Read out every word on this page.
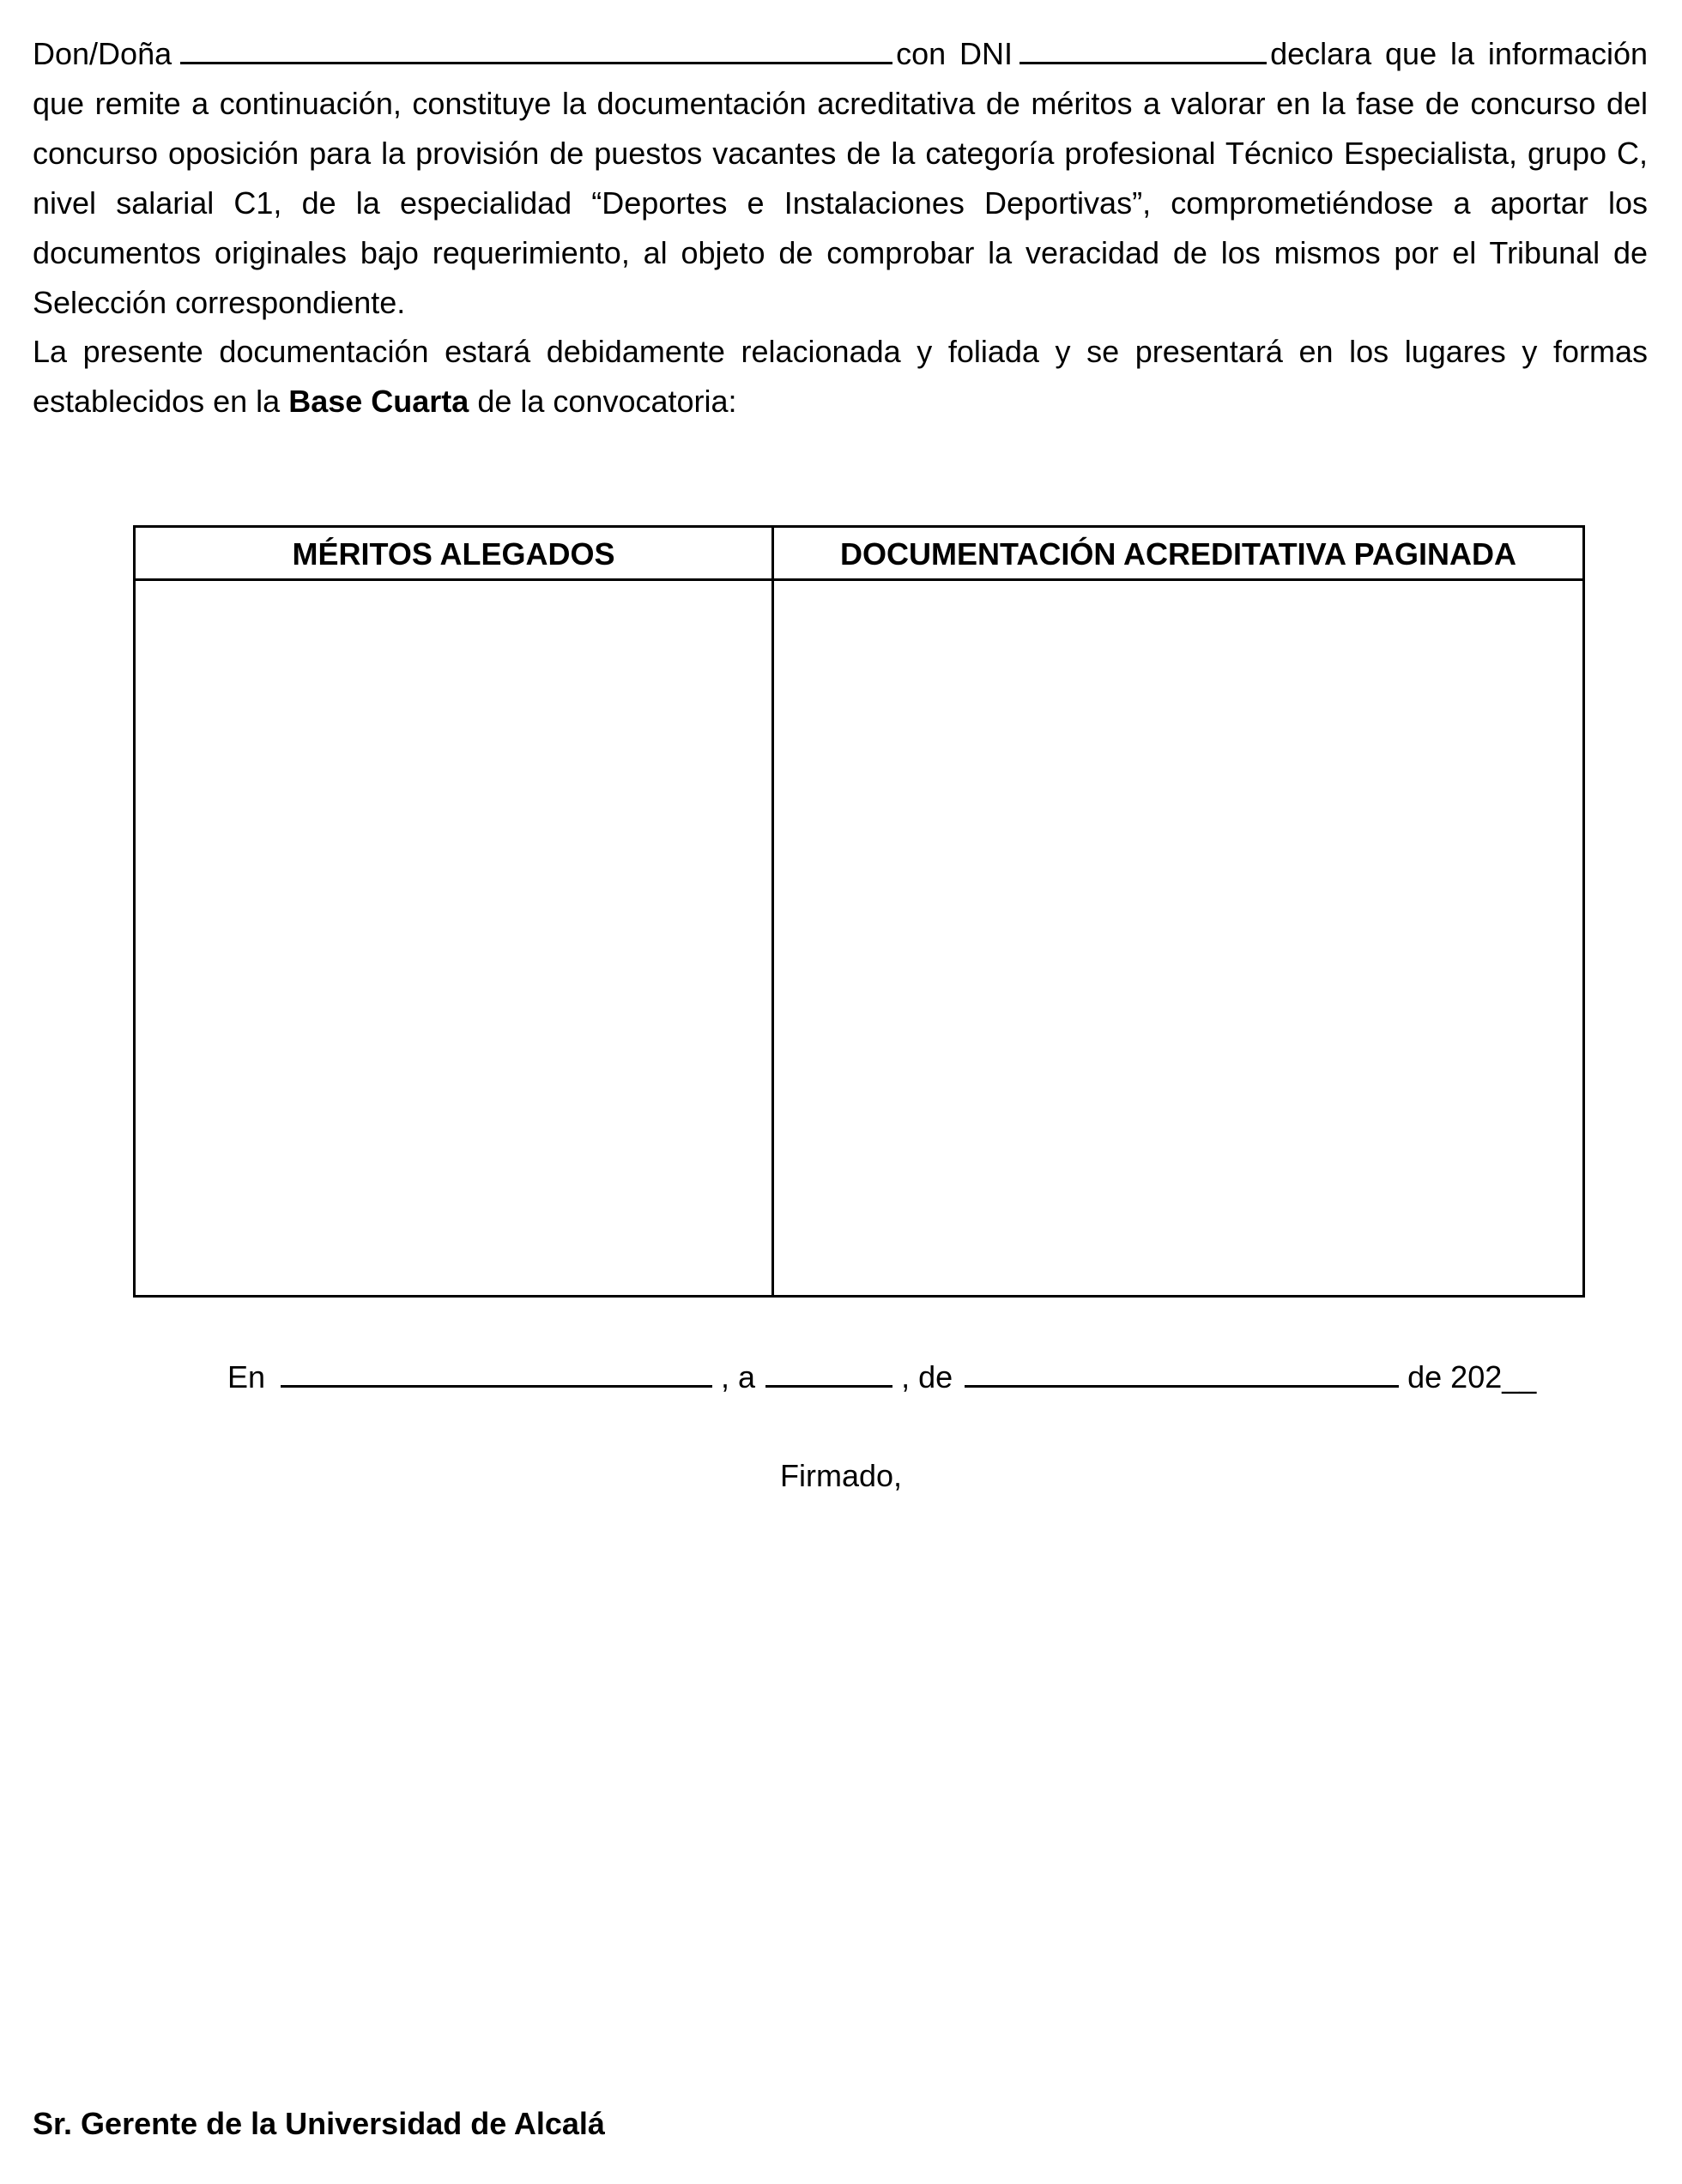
Don/Doña	con DNI	declara que la información que remite a continuación, constituye la documentación acreditativa de méritos a valorar en la fase de concurso del concurso oposición para la provisión de puestos vacantes de la categoría profesional Técnico Especialista, grupo C, nivel salarial C1, de la especialidad “Deportes e Instalaciones Deportivas”, comprometiéndose a aportar los documentos originales bajo requerimiento, al objeto de comprobar la veracidad de los mismos por el Tribunal de Selección correspondiente.
La presente documentación estará debidamente relacionada y foliada y se presentará en los lugares y formas establecidos en la Base Cuarta de la convocatoria:
MÉRITOS ALEGADOS	DOCUMENTACIÓN ACREDITATIVA PAGINADA
En	, a	, de	de 202__
Firmado,
Sr. Gerente de la Universidad de Alcalá
